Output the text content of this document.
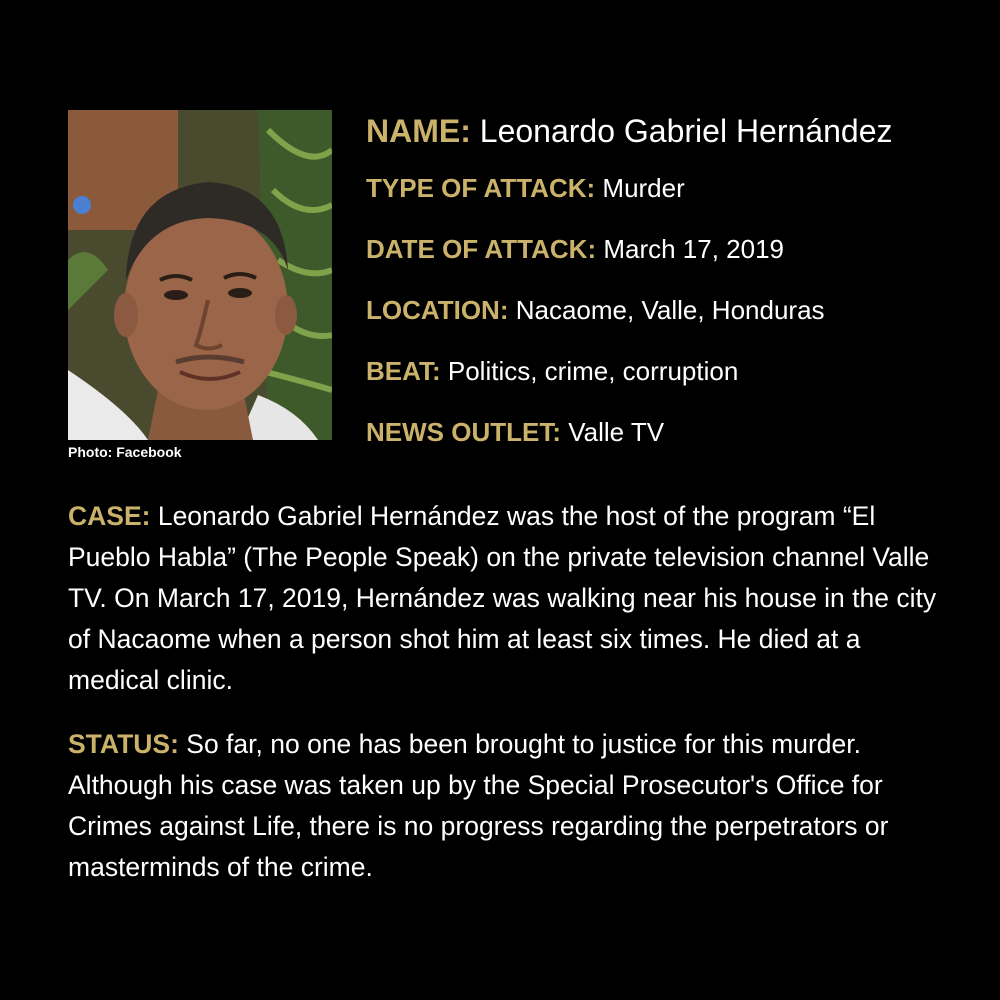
Photo: Facebook
NAME: Leonardo Gabriel Hernández
TYPE OF ATTACK: Murder
DATE OF ATTACK: March 17, 2019
LOCATION: Nacaome, Valle, Honduras
BEAT: Politics, crime, corruption
NEWS OUTLET: Valle TV
CASE: Leonardo Gabriel Hernández was the host of the program “El Pueblo Habla” (The People Speak) on the private television channel Valle TV. On March 17, 2019, Hernández was walking near his house in the city of Nacaome when a person shot him at least six times. He died at a medical clinic.
STATUS: So far, no one has been brought to justice for this murder. Although his case was taken up by the Special Prosecutor's Office for Crimes against Life, there is no progress regarding the perpetrators or masterminds of the crime.
